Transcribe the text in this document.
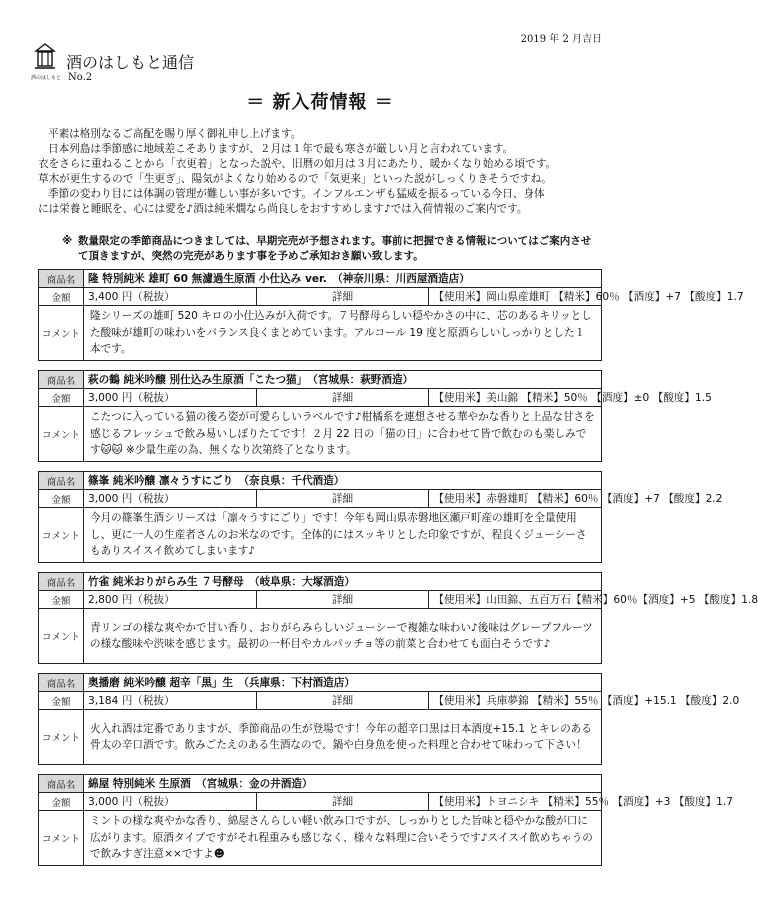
2019 年 2 月吉日
酒のはしもと
酒のはしもと通信
No.2
＝ 新入荷情報 ＝

平素は格別なるご高配を賜り厚く御礼申し上げます。

日本列島は季節感に地域差こそありますが、２月は１年で最も寒さが厳しい月と言われています。

衣をさらに重ねることから「衣更着」となった説や、旧暦の如月は３月にあたり、暖かくなり始める頃です。

草木が更生するので「生更ぎ」、陽気がよくなり始めるので「気更来」といった説がしっくりきそうですね。

季節の変わり目には体調の管理が難しい事が多いです。インフルエンザも猛威を振るっている今日、身体

には栄養と睡眠を、心には愛を♪酒は純米燗なら尚良しをおすすめします♪では入荷情報のご案内です。

※ 数量限定の季節商品につきましては、早期完売が予想されます。事前に把握できる情報についてはご案内させて頂きますが、突然の完売があります事を予めご承知おき願い致します。
商品名	隆 特別純米 雄町 60 無濾過生原酒 小仕込み ver.　 （神奈川県：川西屋酒造店）		
金額	3,400 円（税抜）	詳細	【使用米】岡山県産雄町 【精米】60％ 【酒度】+7 【酸度】1.7
コメント	隆シリーズの雄町 520 キロの小仕込みが入荷です。７号酵母らしい穏やかさの中に、芯のあるキリッとした酸味が雄町の味わいをバランス良くまとめています。アルコール 19 度と原酒らしいしっかりとした１本です。		
商品名	萩の鶴 純米吟醸 別仕込み生原酒「こたつ猫」　 （宮城県：萩野酒造）		
金額	3,000 円（税抜）	詳細	【使用米】美山錦 【精米】50％ 【酒度】±0 【酸度】1.5
コメント	こたつに入っている猫の後ろ姿が可愛らしいラベルです♪柑橘系を連想させる華やかな香りと上品な甘さを感じるフレッシュで飲み易いしぼりたてです！２月 22 日の「猫の日」に合わせて皆で飲むのも楽しみです🐱🐱 ※少量生産の為、無くなり次第終了となります。		
商品名	篠峯 純米吟醸 凛々うすにごり　 （奈良県：千代酒造）		
金額	3,000 円（税抜）	詳細	【使用米】赤磐雄町 【精米】60％ 【酒度】+7 【酸度】2.2
コメント	今月の篠峯生酒シリーズは「凛々うすにごり」です！今年も岡山県赤磐地区瀬戸町産の雄町を全量使用し、更に一人の生産者さんのお米なのです。全体的にはスッキリとした印象ですが、程良くジューシーさもありスイスイ飲めてしまいます♪		
商品名	竹雀 純米おりがらみ生 ７号酵母　 （岐阜県：大塚酒造）		
金額	2,800 円（税抜）	詳細	【使用米】山田錦、五百万石【精米】60％【酒度】+5 【酸度】1.8
コメント	青リンゴの様な爽やかで甘い香り、おりがらみらしいジューシーで複雑な味わい♪後味はグレープフルーツの様な酸味や渋味を感じます。最初の一杯目やカルパッチョ等の前菜と合わせても面白そうです♪		
商品名	奥播磨 純米吟醸 超辛「黒」生　 （兵庫県：下村酒造店）		
金額	3,184 円（税抜）	詳細	【使用米】兵庫夢錦 【精米】55％ 【酒度】+15.1 【酸度】2.0
コメント	火入れ酒は定番でありますが、季節商品の生が登場です！今年の超辛口黒は日本酒度+15.1 とキレのある骨太の辛口酒です。飲みごたえのある生酒なので、鍋や白身魚を使った料理と合わせて味わって下さい！		
商品名	綿屋 特別純米 生原酒　 （宮城県：金の井酒造）		
金額	3,000 円（税抜）	詳細	【使用米】トヨニシキ 【精米】55％ 【酒度】+3 【酸度】1.7
コメント	ミントの様な爽やかな香り、綿屋さんらしい軽い飲み口ですが、しっかりとした旨味と穏やかな酸が口に広がります。原酒タイプですがそれ程重みも感じなく、様々な料理に合いそうです♪スイスイ飲めちゃうので飲みすぎ注意××ですよ☻		
